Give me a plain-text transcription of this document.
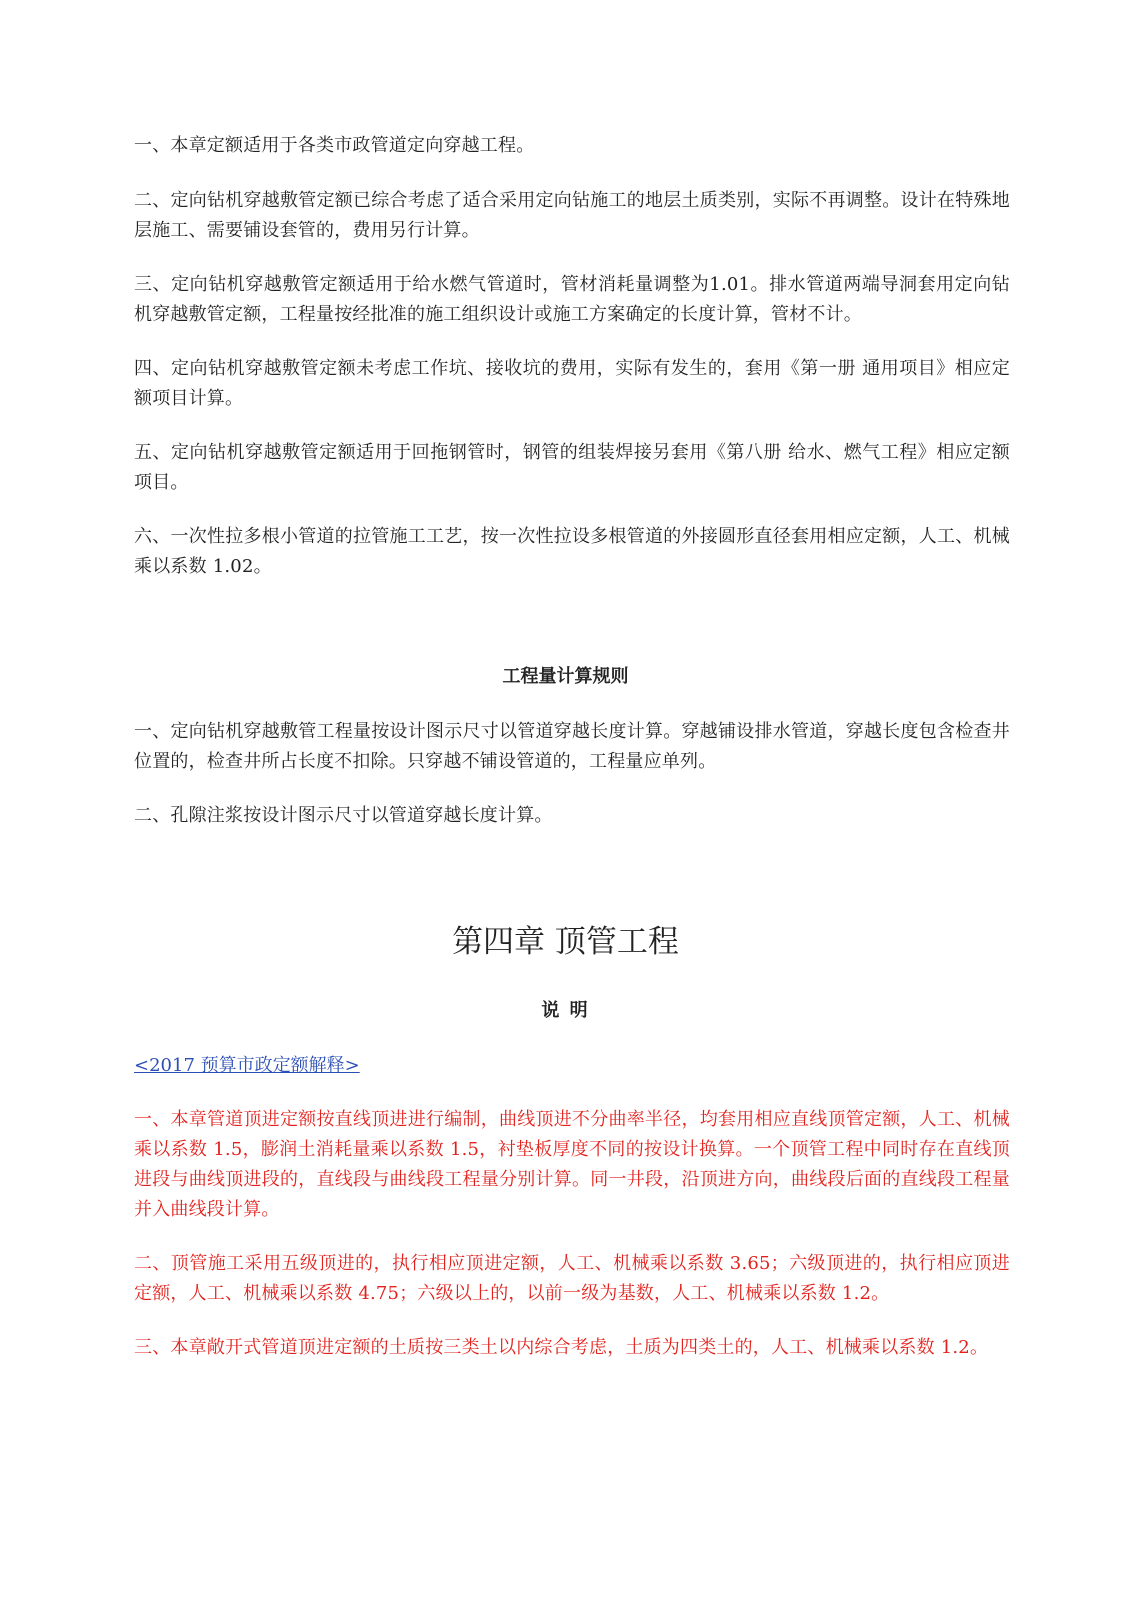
一、本章定额适用于各类市政管道定向穿越工程。

二、定向钻机穿越敷管定额已综合考虑了适合采用定向钻施工的地层土质类别，实际不再调整。设计在特殊地层施工、需要铺设套管的，费用另行计算。

三、定向钻机穿越敷管定额适用于给水燃气管道时，管材消耗量调整为1.01。排水管道两端导洞套用定向钻机穿越敷管定额，工程量按经批准的施工组织设计或施工方案确定的长度计算，管材不计。

四、定向钻机穿越敷管定额未考虑工作坑、接收坑的费用，实际有发生的，套用《第一册 通用项目》相应定额项目计算。

五、定向钻机穿越敷管定额适用于回拖钢管时，钢管的组装焊接另套用《第八册 给水、燃气工程》相应定额项目。

六、一次性拉多根小管道的拉管施工工艺，按一次性拉设多根管道的外接圆形直径套用相应定额，人工、机械乘以系数 1.02。

工程量计算规则

一、定向钻机穿越敷管工程量按设计图示尺寸以管道穿越长度计算。穿越铺设排水管道，穿越长度包含检查井位置的，检查井所占长度不扣除。只穿越不铺设管道的，工程量应单列。

二、孔隙注浆按设计图示尺寸以管道穿越长度计算。

第四章 顶管工程
说 明
<2017 预算市政定额解释>

一、本章管道顶进定额按直线顶进进行编制，曲线顶进不分曲率半径，均套用相应直线顶管定额，人工、机械乘以系数 1.5，膨润土消耗量乘以系数 1.5，衬垫板厚度不同的按设计换算。一个顶管工程中同时存在直线顶进段与曲线顶进段的，直线段与曲线段工程量分别计算。同一井段，沿顶进方向，曲线段后面的直线段工程量并入曲线段计算。

二、顶管施工采用五级顶进的，执行相应顶进定额，人工、机械乘以系数 3.65；六级顶进的，执行相应顶进定额，人工、机械乘以系数 4.75；六级以上的，以前一级为基数，人工、机械乘以系数 1.2。

三、本章敞开式管道顶进定额的土质按三类土以内综合考虑，土质为四类土的，人工、机械乘以系数 1.2。
